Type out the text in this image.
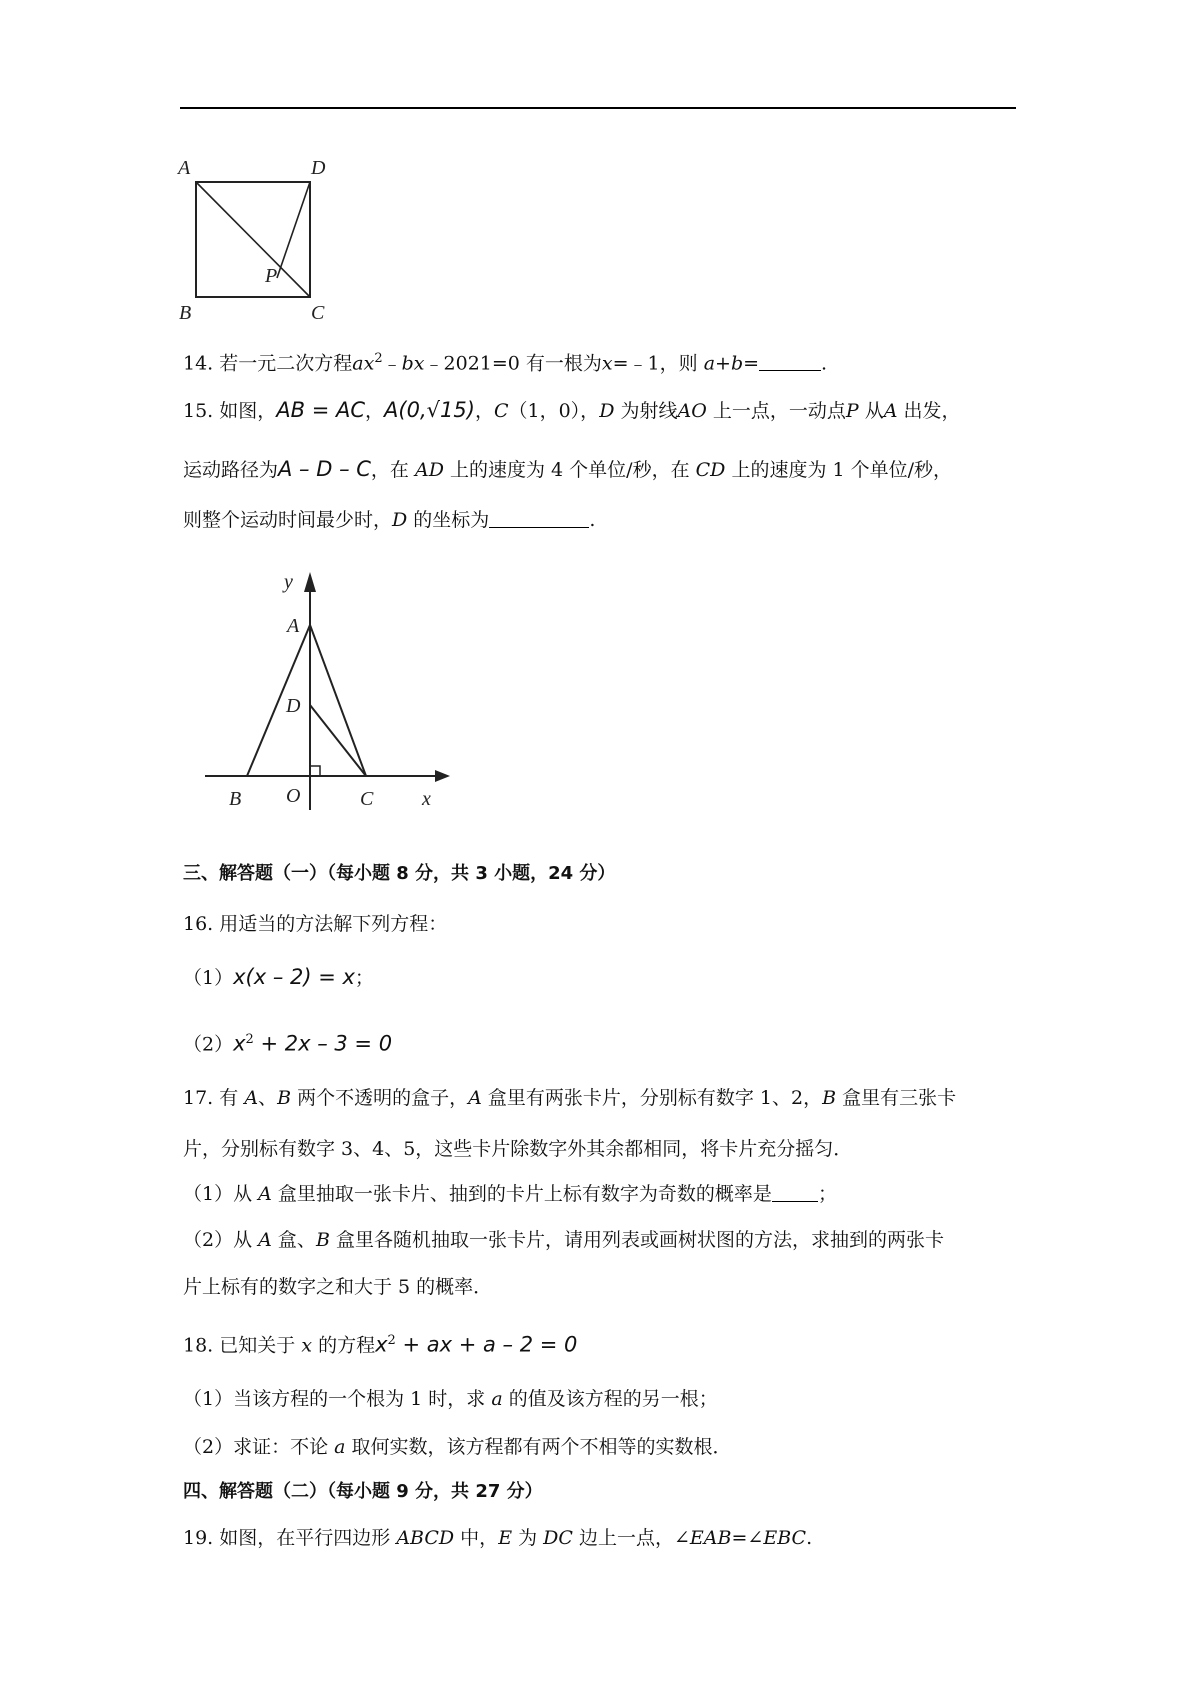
A	D
B	C
P
14. 若一元二次方程$ax^2﹣bx﹣2021=0$ 有一根为x=﹣1，则 a+b=	.
15. 如图，AB = AC，A(0,√15)，C（1，0），D 为射线AO 上一点，一动点P 从A 出发，
运动路径为A – D – C，在 AD 上的速度为 4 个单位/秒，在 CD 上的速度为 1 个单位/秒，
则整个运动时间最少时，D 的坐标为	.
y
A
D
B O	C x
三、解答题（一）（每小题 8 分，共 3 小题，24 分）
16. 用适当的方法解下列方程：
（1）x(x – 2) = x；
$(2)x^2 + 2x - 3 = 0$
17. 有 A、B 两个不透明的盒子，A 盒里有两张卡片，分别标有数字 1、2，B 盒里有三张卡
片，分别标有数字 3、4、5，这些卡片除数字外其余都相同，将卡片充分摇匀．
（1）从 A 盒里抽取一张卡片、抽到的卡片上标有数字为奇数的概率是 ；
（2）从 A 盒、B 盒里各随机抽取一张卡片，请用列表或画树状图的方法，求抽到的两张卡
片上标有的数字之和大于 5 的概率．
18. 已知关于 x 的方程$x^2$ + ax + a – 2 = 0
（1）当该方程的一个根为 1 时，求 a 的值及该方程的另一根；
（2）求证：不论 a 取何实数，该方程都有两个不相等的实数根．
四、解答题（二）（每小题 9 分，共 27 分）
19. 如图，在平行四边形 ABCD 中，E 为 DC 边上一点，∠EAB=∠EBC.
